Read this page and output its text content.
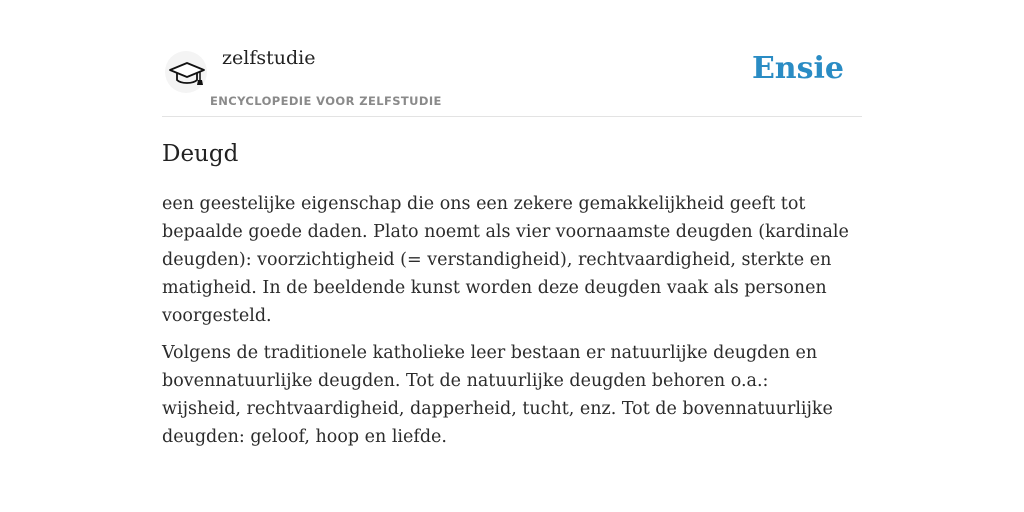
zelfstudie
ENCYCLOPEDIE VOOR ZELFSTUDIE
Ensie
Deugd

een geestelijke eigenschap die ons een zekere gemakkelijkheid geeft tot bepaalde goede daden. Plato noemt als vier voornaamste deugden (kardinale deugden): voorzichtigheid (= verstandigheid), rechtvaardigheid, sterkte en matigheid. In de beeldende kunst worden deze deugden vaak als personen voorgesteld.

Volgens de traditionele katholieke leer bestaan er natuurlijke deugden en bovennatuurlijke deugden. Tot de natuurlijke deugden behoren o.a.: wijsheid, rechtvaardigheid, dapperheid, tucht, enz. Tot de bovennatuurlijke deugden: geloof, hoop en liefde.
